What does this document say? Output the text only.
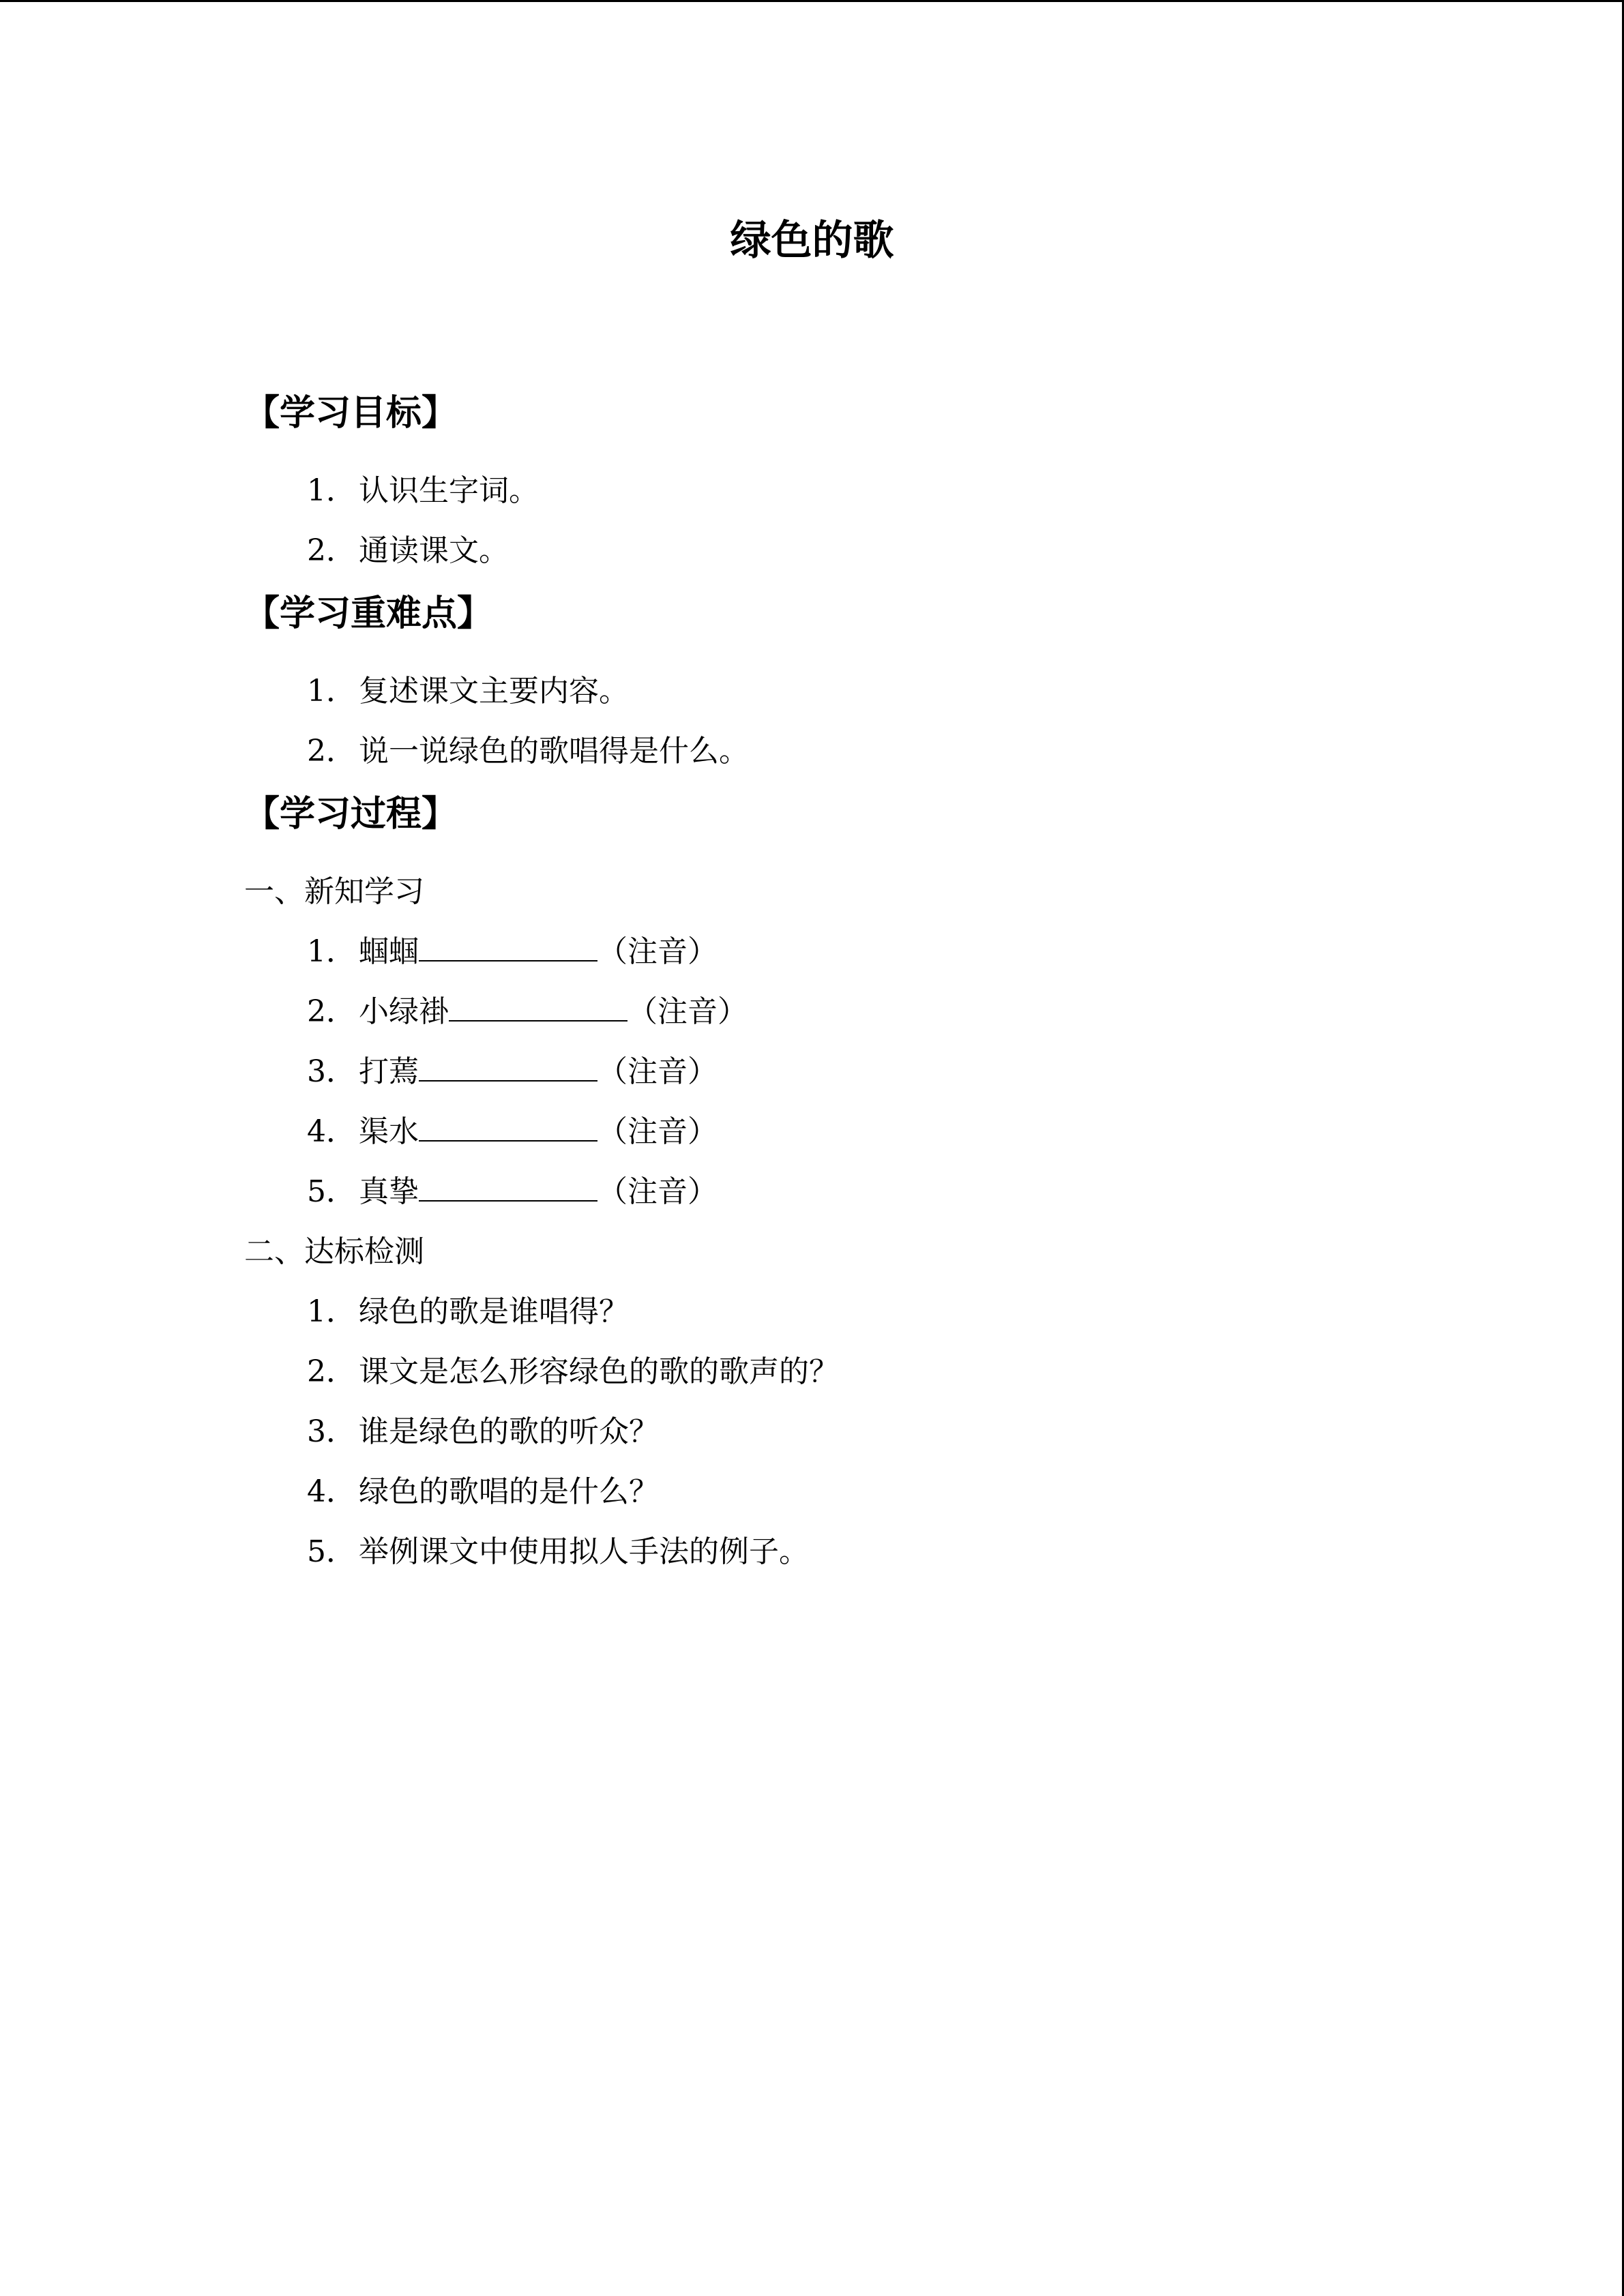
绿色的歌
【学习目标】
1．认识生字词。
2．通读课文。
【学习重难点】
1．复述课文主要内容。
2．说一说绿色的歌唱得是什么。
【学习过程】
一、新知学习
1．蝈蝈	（注音）
2．小绿褂	（注音）
3．打蔫	（注音）
4．渠水	（注音）
5．真挚	（注音）
二、达标检测
1．绿色的歌是谁唱得？
2．课文是怎么形容绿色的歌的歌声的？
3．谁是绿色的歌的听众？
4．绿色的歌唱的是什么？
5．举例课文中使用拟人手法的例子。
